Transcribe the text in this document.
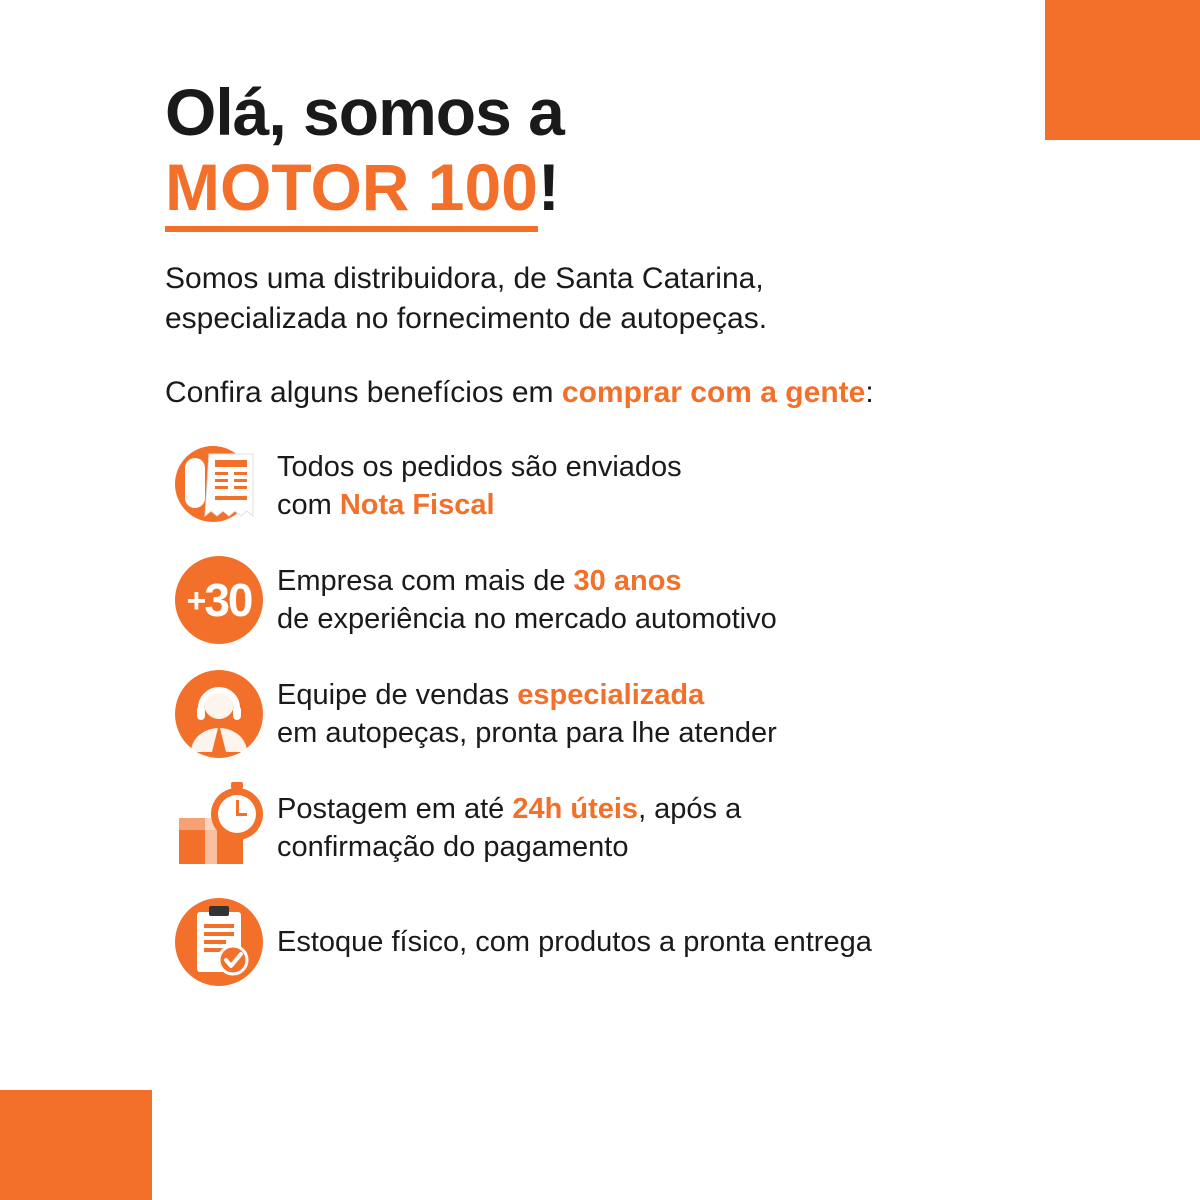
Olá, somos a
MOTOR 100!
Somos uma distribuidora, de Santa Catarina,
especializada no fornecimento de autopeças.
Confira alguns benefícios em comprar com a gente:
Todos os pedidos são enviados
com Nota Fiscal
+30 Empresa com mais de 30 anos
de experiência no mercado automotivo
Equipe de vendas especializada
em autopeças, pronta para lhe atender
Postagem em até 24h úteis, após a
confirmação do pagamento
Estoque físico, com produtos a pronta entrega
